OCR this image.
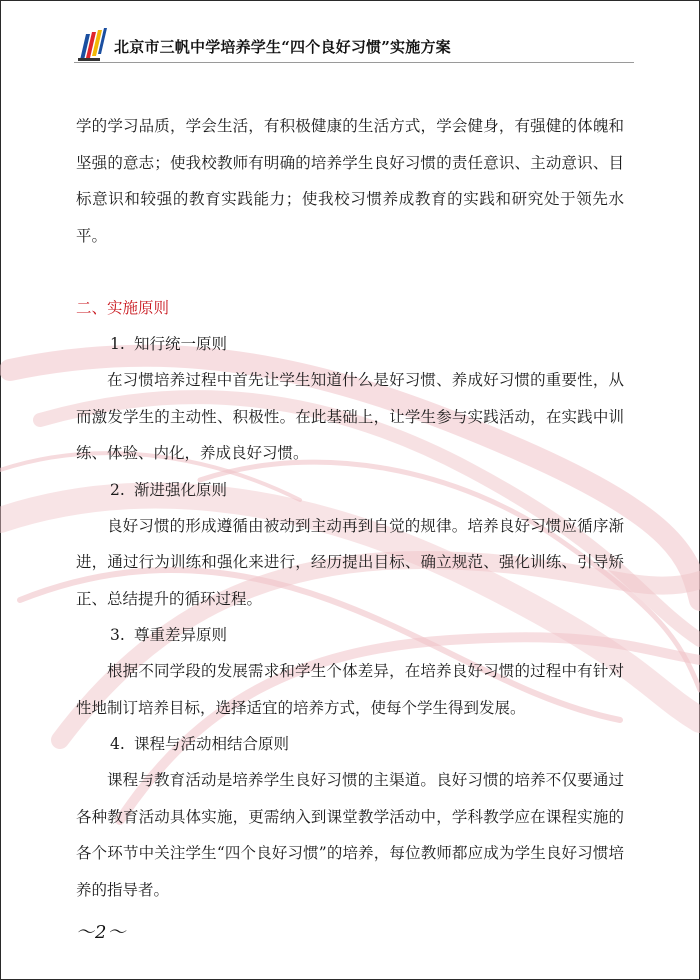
北京市三帆中学培养学生“四个良好习惯”实施方案

学的学习品质，学会生活，有积极健康的生活方式，学会健身，有强健的体魄和坚强的意志；使我校教师有明确的培养学生良好习惯的责任意识、主动意识、目标意识和较强的教育实践能力；使我校习惯养成教育的实践和研究处于领先水平。

二、实施原则

1. 知行统一原则

在习惯培养过程中首先让学生知道什么是好习惯、养成好习惯的重要性，从而激发学生的主动性、积极性。在此基础上，让学生参与实践活动，在实践中训练、体验、内化，养成良好习惯。

2. 渐进强化原则

良好习惯的形成遵循由被动到主动再到自觉的规律。培养良好习惯应循序渐进，通过行为训练和强化来进行，经历提出目标、确立规范、强化训练、引导矫正、总结提升的循环过程。

3. 尊重差异原则

根据不同学段的发展需求和学生个体差异，在培养良好习惯的过程中有针对性地制订培养目标，选择适宜的培养方式，使每个学生得到发展。

4. 课程与活动相结合原则

课程与教育活动是培养学生良好习惯的主渠道。良好习惯的培养不仅要通过各种教育活动具体实施，更需纳入到课堂教学活动中，学科教学应在课程实施的各个环节中关注学生“四个良好习惯”的培养，每位教师都应成为学生良好习惯培养的指导者。

～2～
